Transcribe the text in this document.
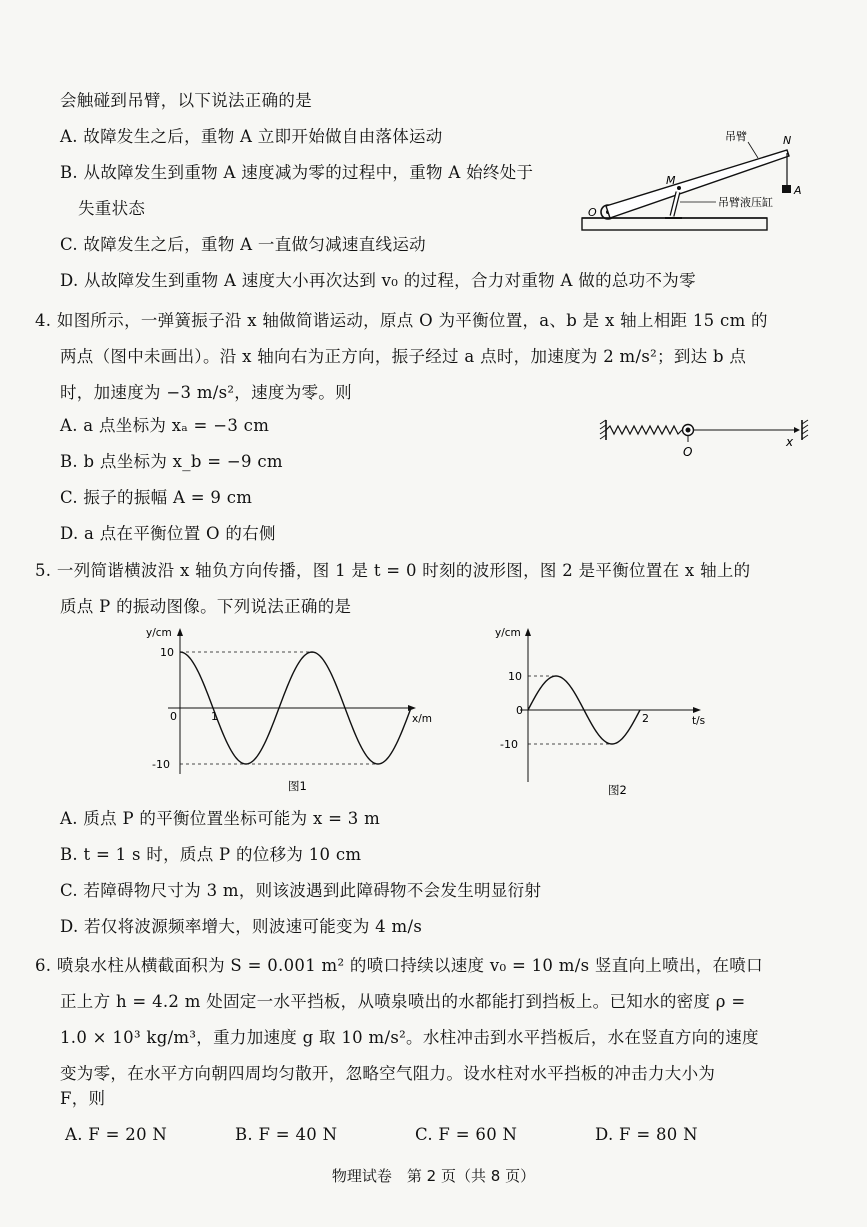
会触碰到吊臂，以下说法正确的是
A. 故障发生之后，重物 A 立即开始做自由落体运动
B. 从故障发生到重物 A 速度减为零的过程中，重物 A 始终处于
失重状态
C. 故障发生之后，重物 A 一直做匀减速直线运动
D. 从故障发生到重物 A 速度大小再次达到 v₀ 的过程，合力对重物 A 做的总功不为零
吊臂	N
M
A
O
吊臂液压缸
4. 如图所示，一弹簧振子沿 x 轴做简谐运动，原点 O 为平衡位置，a、b 是 x 轴上相距 15 cm 的
两点（图中未画出）。沿 x 轴向右为正方向，振子经过 a 点时，加速度为 2 m/s²；到达 b 点
时，加速度为 −3 m/s²，速度为零。则
A. a 点坐标为 xₐ = −3 cm
B. b 点坐标为 x_b = −9 cm
C. 振子的振幅 A = 9 cm
D. a 点在平衡位置 O 的右侧
O
x
5. 一列简谐横波沿 x 轴负方向传播，图 1 是 t = 0 时刻的波形图，图 2 是平衡位置在 x 轴上的
质点 P 的振动图像。下列说法正确的是
y/cm
x/m
10
-10
0	1
图1
y/cm
t/s
10
-10
0
2
图2
A. 质点 P 的平衡位置坐标可能为 x = 3 m
B. t = 1 s 时，质点 P 的位移为 10 cm
C. 若障碍物尺寸为 3 m，则该波遇到此障碍物不会发生明显衍射
D. 若仅将波源频率增大，则波速可能变为 4 m/s
6. 喷泉水柱从横截面积为 S = 0.001 m² 的喷口持续以速度 v₀ = 10 m/s 竖直向上喷出，在喷口
正上方 h = 4.2 m 处固定一水平挡板，从喷泉喷出的水都能打到挡板上。已知水的密度 ρ =
1.0 × 10³ kg/m³，重力加速度 g 取 10 m/s²。水柱冲击到水平挡板后，水在竖直方向的速度
变为零，在水平方向朝四周均匀散开，忽略空气阻力。设水柱对水平挡板的冲击力大小为
F，则
A. F = 20 N	B. F = 40 N	C. F = 60 N	D. F = 80 N
物理试卷　第 2 页（共 8 页）
